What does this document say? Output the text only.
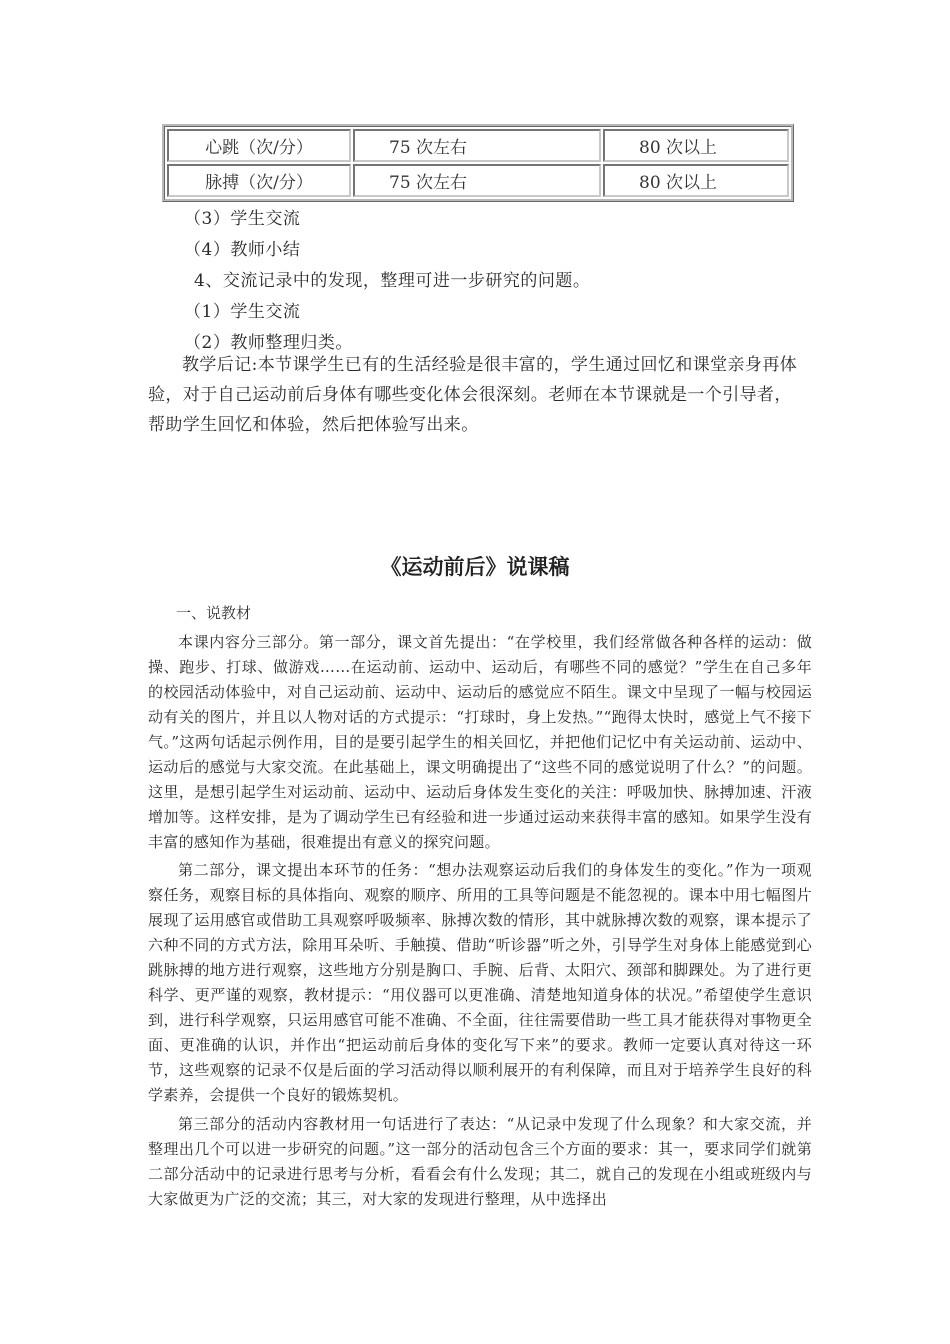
心跳（次/分）	75 次左右	80 次以上
脉搏（次/分）	75 次左右	80 次以上
（3）学生交流
（4）教师小结
4、交流记录中的发现，整理可进一步研究的问题。
（1）学生交流
（2）教师整理归类。
教学后记:本节课学生已有的生活经验是很丰富的，学生通过回忆和课堂亲身再体验，对于自己运动前后身体有哪些变化体会很深刻。老师在本节课就是一个引导者，帮助学生回忆和体验，然后把体验写出来。
《运动前后》说课稿
一、说教材
本课内容分三部分。第一部分，课文首先提出：“在学校里，我们经常做各种各样的运动：做操、跑步、打球、做游戏……在运动前、运动中、运动后，有哪些不同的感觉？”学生在自己多年的校园活动体验中，对自己运动前、运动中、运动后的感觉应不陌生。课文中呈现了一幅与校园运动有关的图片，并且以人物对话的方式提示：“打球时，身上发热。”“跑得太快时，感觉上气不接下气。”这两句话起示例作用，目的是要引起学生的相关回忆，并把他们记忆中有关运动前、运动中、运动后的感觉与大家交流。在此基础上，课文明确提出了“这些不同的感觉说明了什么？”的问题。这里，是想引起学生对运动前、运动中、运动后身体发生变化的关注：呼吸加快、脉搏加速、汗液增加等。这样安排，是为了调动学生已有经验和进一步通过运动来获得丰富的感知。如果学生没有丰富的感知作为基础，很难提出有意义的探究问题。
第二部分，课文提出本环节的任务：“想办法观察运动后我们的身体发生的变化。”作为一项观察任务，观察目标的具体指向、观察的顺序、所用的工具等问题是不能忽视的。课本中用七幅图片展现了运用感官或借助工具观察呼吸频率、脉搏次数的情形，其中就脉搏次数的观察，课本提示了六种不同的方式方法，除用耳朵听、手触摸、借助“听诊器”听之外，引导学生对身体上能感觉到心跳脉搏的地方进行观察，这些地方分别是胸口、手腕、后背、太阳穴、颈部和脚踝处。为了进行更科学、更严谨的观察，教材提示：“用仪器可以更准确、清楚地知道身体的状况。”希望使学生意识到，进行科学观察，只运用感官可能不准确、不全面，往往需要借助一些工具才能获得对事物更全面、更准确的认识，并作出“把运动前后身体的变化写下来”的要求。教师一定要认真对待这一环节，这些观察的记录不仅是后面的学习活动得以顺利展开的有利保障，而且对于培养学生良好的科学素养，会提供一个良好的锻炼契机。
第三部分的活动内容教材用一句话进行了表达：“从记录中发现了什么现象？和大家交流，并整理出几个可以进一步研究的问题。”这一部分的活动包含三个方面的要求：其一，要求同学们就第二部分活动中的记录进行思考与分析，看看会有什么发现；其二，就自己的发现在小组或班级内与大家做更为广泛的交流；其三，对大家的发现进行整理，从中选择出
